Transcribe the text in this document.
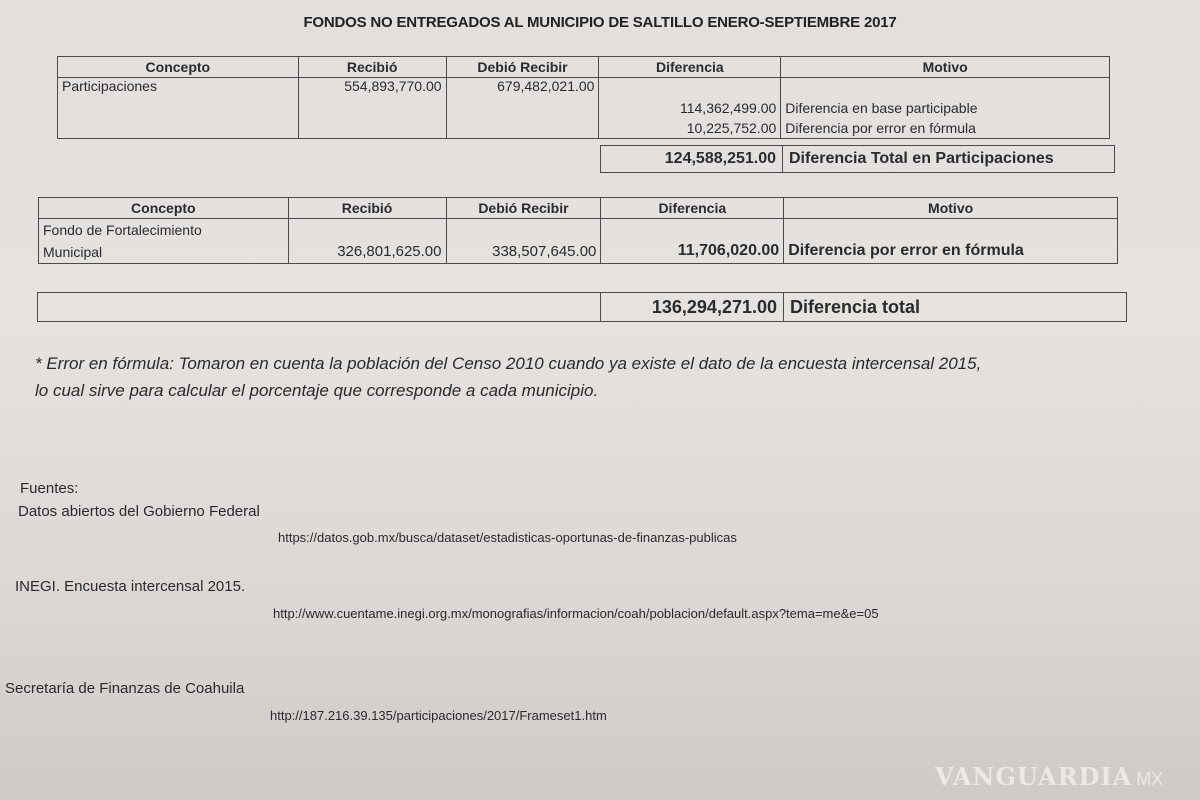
FONDOS NO ENTREGADOS AL MUNICIPIO DE SALTILLO ENERO-SEPTIEMBRE 2017
Concepto	Recibió	Debió Recibir	Diferencia	Motivo
Participaciones	554,893,770.00	679,482,021.00		
			114,362,499.00	Diferencia en base participable
			10,225,752.00	Diferencia por error en fórmula
124,588,251.00 Diferencia Total en Participaciones
Concepto	Recibió	Debió Recibir	Diferencia	Motivo

Fondo de Fortalecimiento
Municipal	326,801,625.00	338,507,645.00	11,706,020.00	Diferencia por error en fórmula
136,294,271.00 Diferencia total
* Error en fórmula: Tomaron en cuenta la población del Censo 2010 cuando ya existe el dato de la encuesta intercensal 2015,
lo cual sirve para calcular el porcentaje que corresponde a cada municipio.
Fuentes:
Datos abiertos del Gobierno Federal
https://datos.gob.mx/busca/dataset/estadisticas-oportunas-de-finanzas-publicas
INEGI. Encuesta intercensal 2015.
http://www.cuentame.inegi.org.mx/monografias/informacion/coah/poblacion/default.aspx?tema=me&e=05
Secretaría de Finanzas de Coahuila
http://187.216.39.135/participaciones/2017/Frameset1.htm
VANGUARDIA MX
